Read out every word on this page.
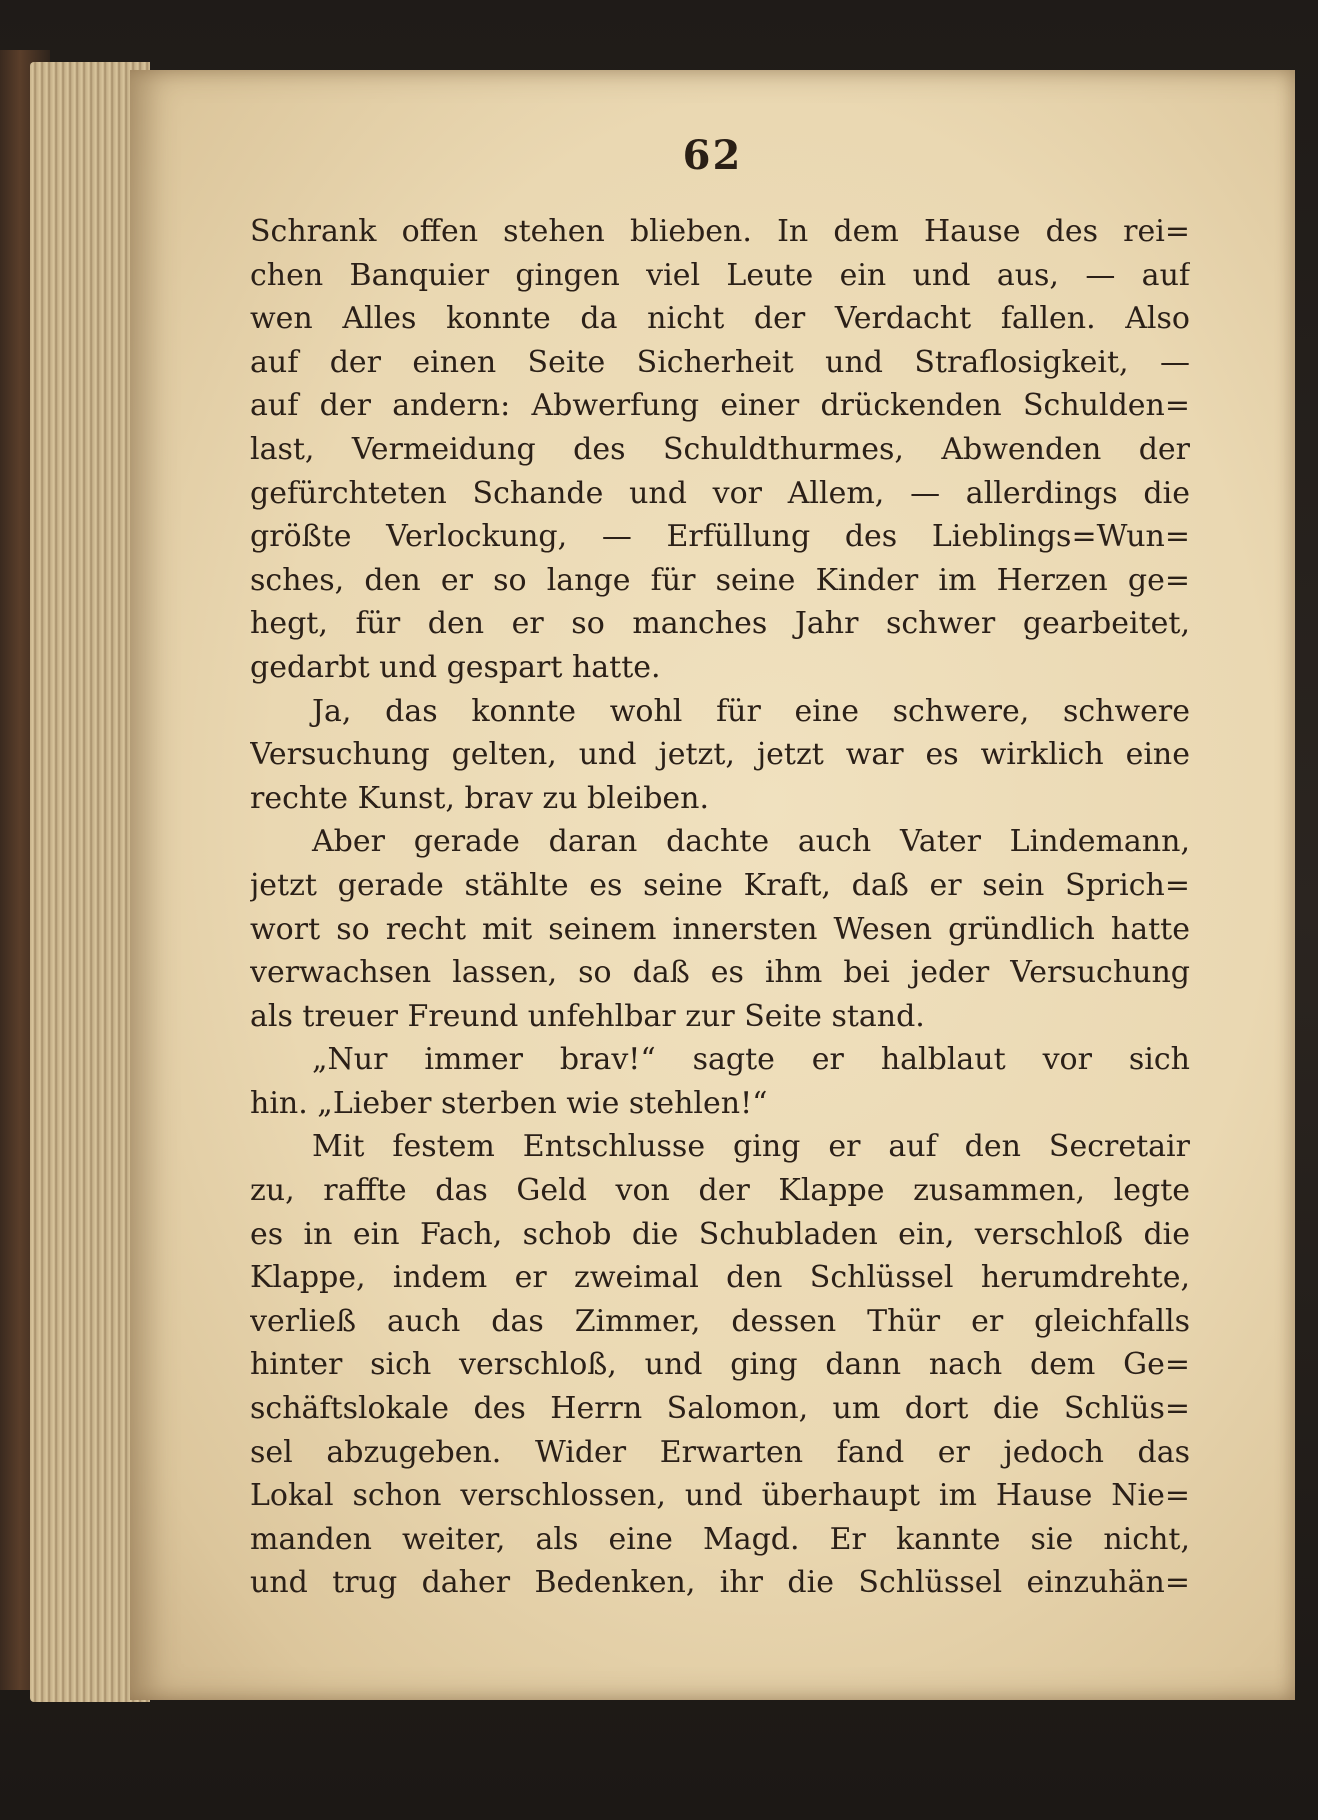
62
Schrank offen stehen blieben. In dem Hause des rei=
chen Banquier gingen viel Leute ein und aus, — auf
wen Alles konnte da nicht der Verdacht fallen. Also
auf der einen Seite Sicherheit und Straflosigkeit, —
auf der andern: Abwerfung einer drückenden Schulden=
last, Vermeidung des Schuldthurmes, Abwenden der
gefürchteten Schande und vor Allem, — allerdings die
größte Verlockung, — Erfüllung des Lieblings=Wun=
sches, den er so lange für seine Kinder im Herzen ge=
hegt, für den er so manches Jahr schwer gearbeitet,
gedarbt und gespart hatte.
Ja, das konnte wohl für eine schwere, schwere
Versuchung gelten, und jetzt, jetzt war es wirklich eine
rechte Kunst, brav zu bleiben.
Aber gerade daran dachte auch Vater Lindemann,
jetzt gerade stählte es seine Kraft, daß er sein Sprich=
wort so recht mit seinem innersten Wesen gründlich hatte
verwachsen lassen, so daß es ihm bei jeder Versuchung
als treuer Freund unfehlbar zur Seite stand.
„Nur immer brav!“ sagte er halblaut vor sich
hin. „Lieber sterben wie stehlen!“
Mit festem Entschlusse ging er auf den Secretair
zu, raffte das Geld von der Klappe zusammen, legte
es in ein Fach, schob die Schubladen ein, verschloß die
Klappe, indem er zweimal den Schlüssel herumdrehte,
verließ auch das Zimmer, dessen Thür er gleichfalls
hinter sich verschloß, und ging dann nach dem Ge=
schäftslokale des Herrn Salomon, um dort die Schlüs=
sel abzugeben. Wider Erwarten fand er jedoch das
Lokal schon verschlossen, und überhaupt im Hause Nie=
manden weiter, als eine Magd. Er kannte sie nicht,
und trug daher Bedenken, ihr die Schlüssel einzuhän=
